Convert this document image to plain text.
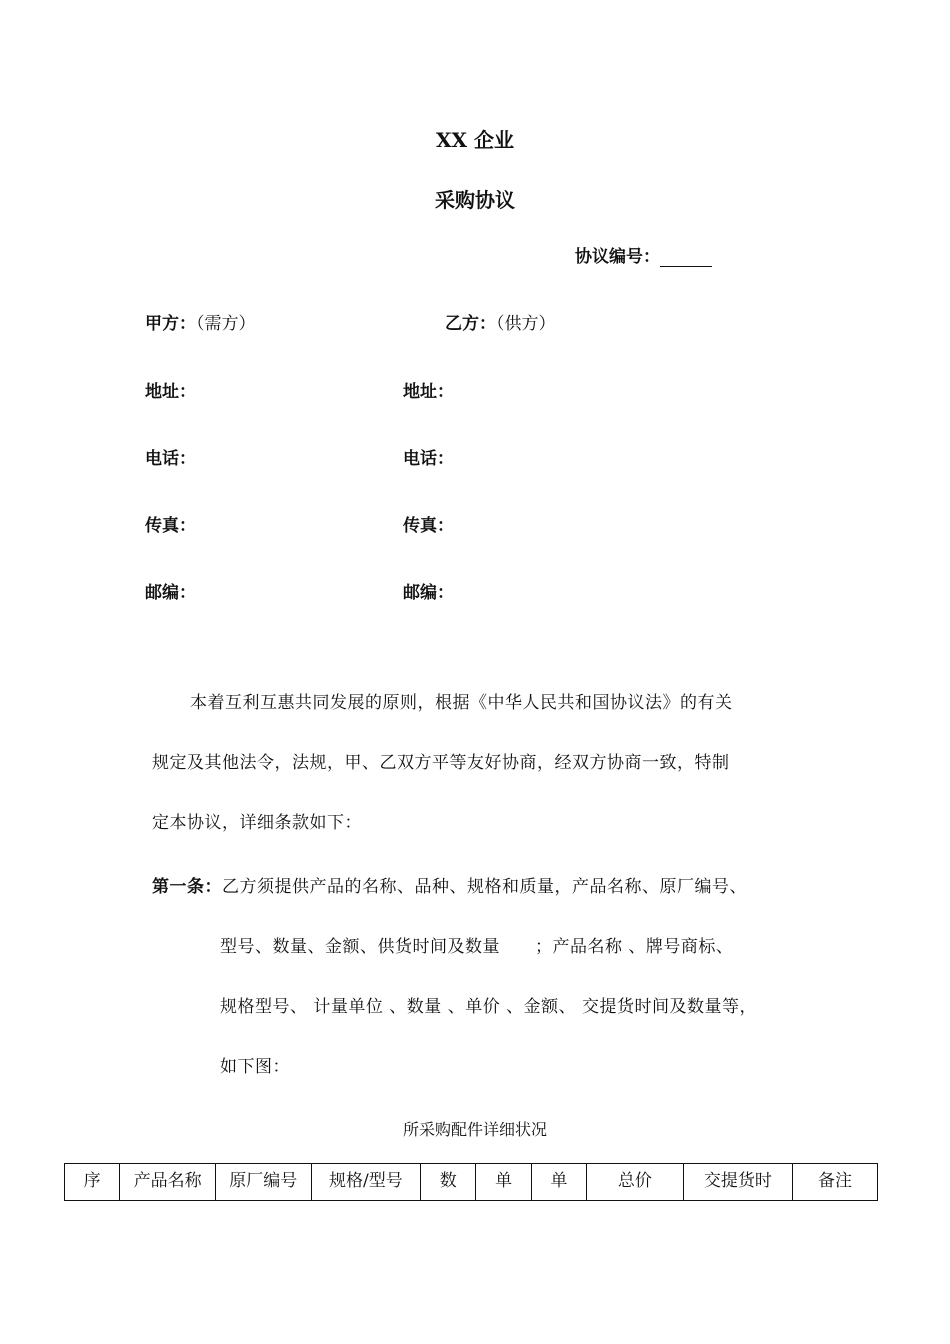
XX 企业
采购协议
协议编号：
甲方：（需方）	乙方：（供方）
地址：	地址：
电话：	电话：
传真：	传真：
邮编：	邮编：
本着互利互惠共同发展的原则，根据《中华人民共和国协议法》的有关
规定及其他法令，法规，甲、乙双方平等友好协商，经双方协商一致，特制
定本协议，详细条款如下：
第一条：乙方须提供产品的名称、品种、规格和质量，产品名称、原厂编号、
型号、数量、金额、供货时间及数量　　；产品名称 、牌号商标、
规格型号、 计量单位 、数量 、单价 、金额、 交提货时间及数量等，
如下图：
所采购配件详细状况
序	产品名称	原厂编号	规格/型号	数	单	单	总价	交提货时	备注
